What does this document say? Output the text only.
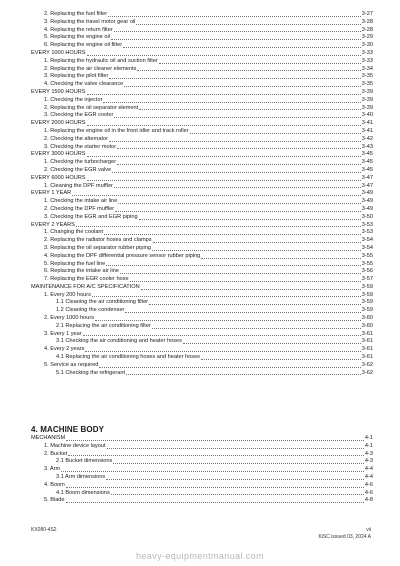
2. Replacing the fuel filter	3-27
3. Replacing the travel motor gear oil	3-28
4. Replacing the return filter	3-28
5. Replacing the engine oil	3-29
6. Replacing the engine oil filter	3-30
EVERY 1000 HOURS	3-33
1. Replacing the hydraulic oil and suction filter	3-33
2. Replacing the air cleaner elements	3-34
3. Replacing the pilot filter	3-35
4. Checking the valve clearance	3-35
EVERY 1500 HOURS	3-39
1. Checking the injector	3-39
2. Replacing the oil separator element	3-39
3. Checking the EGR cooler	3-40
EVERY 2000 HOURS	3-41
1. Replacing the engine oil in the front idler and track roller	3-41
2. Checking the alternator	3-42
3. Checking the starter motor	3-43
EVERY 3000 HOURS	3-45
1. Checking the turbocharger	3-45
2. Checking the EGR valve	3-45
EVERY 6000 HOURS	3-47
1. Cleaning the DPF muffler	3-47
EVERY 1 YEAR	3-49
1. Checking the intake air line	3-49
2. Checking the DPF muffler	3-49
3. Checking the EGR and EGR piping	3-50
EVERY 2 YEARS	3-53
1. Changing the coolant	3-53
2. Replacing the radiator hoses and clamps	3-54
3. Replacing the oil separator rubber piping	3-54
4. Replacing the DPF differential pressure sensor rubber piping	3-55
5. Replacing the fuel line	3-55
6. Replacing the intake air line	3-56
7. Replacing the EGR cooler hose	3-57
MAINTENANCE FOR A/C SPECIFICATION	3-59
1. Every 200 hours	3-59
1.1 Cleaning the air conditioning filter	3-59
1.2 Cleaning the condenser	3-59
2. Every 1000 hours	3-60
2.1 Replacing the air conditioning filter	3-60
3. Every 1 year	3-61
3.1 Checking the air conditioning and heater hoses	3-61
4. Every 2 years	3-61
4.1 Replacing the air conditioning hoses and heater hoses	3-61
5. Service as required	3-62
5.1 Checking the refrigerant	3-62
4. MACHINE BODY
MECHANISM	4-1
1. Machine device layout	4-1
2. Bucket	4-3
2.1 Bucket dimensions	4-3
3. Arm	4-4
3.1 Arm dimensions	4-4
4. Boom	4-6
4.1 Boom dimensions	4-6
5. Blade	4-8
KX080-4S2	vii
KiSC issued 03, 2024 A
heavy-equipmentmanual.com
